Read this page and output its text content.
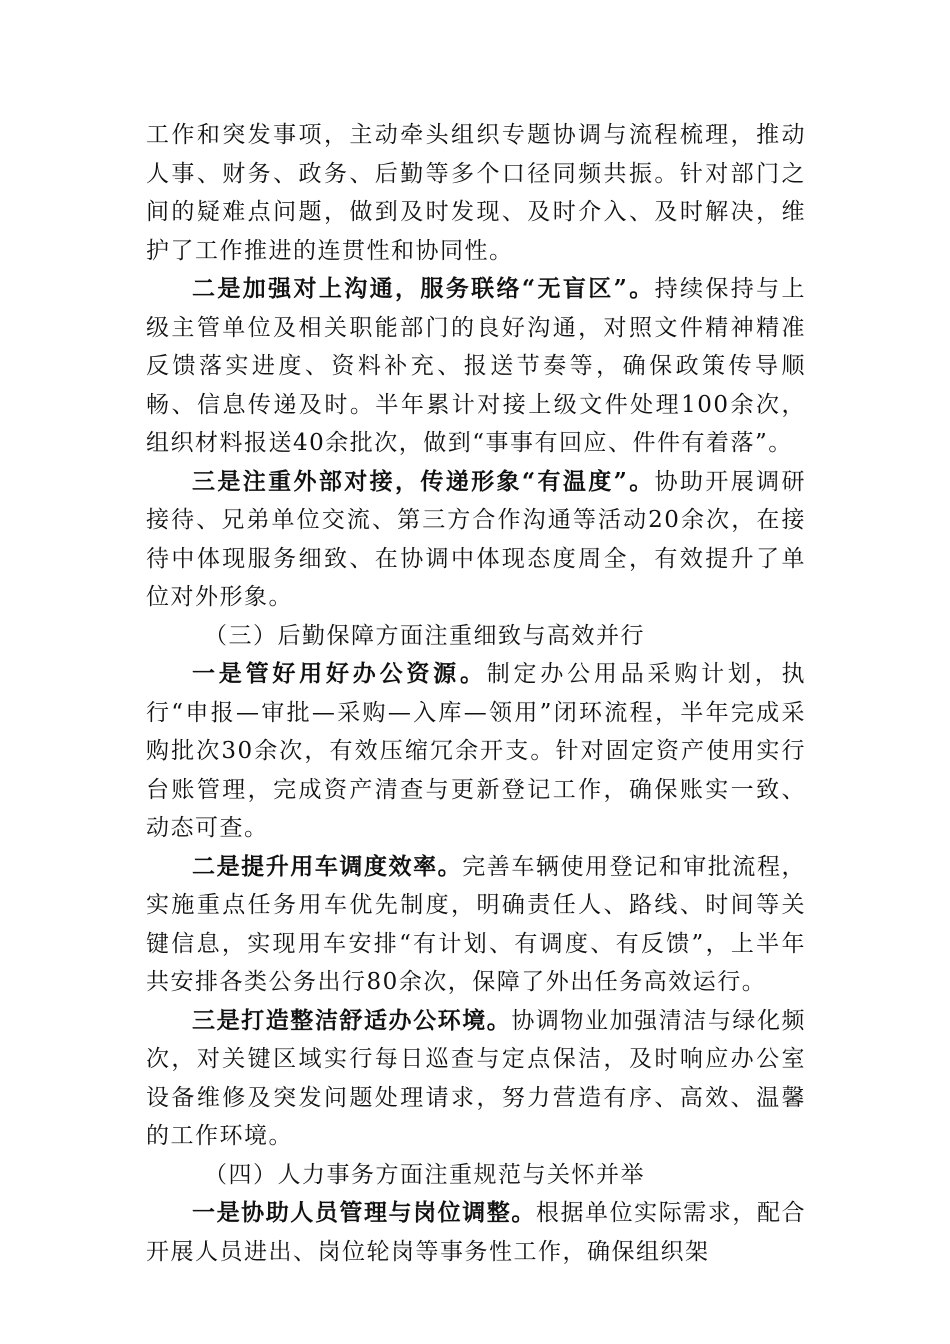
工作和突发事项，主动牵头组织专题协调与流程梳理，推动人事、财务、政务、后勤等多个口径同频共振。针对部门之间的疑难点问题，做到及时发现、及时介入、及时解决，维护了工作推进的连贯性和协同性。

二是加强对上沟通，服务联络“无盲区”。持续保持与上级主管单位及相关职能部门的良好沟通，对照文件精神精准反馈落实进度、资料补充、报送节奏等，确保政策传导顺畅、信息传递及时。半年累计对接上级文件处理100余次，组织材料报送40余批次，做到“事事有回应、件件有着落”。

三是注重外部对接，传递形象“有温度”。协助开展调研接待、兄弟单位交流、第三方合作沟通等活动20余次，在接待中体现服务细致、在协调中体现态度周全，有效提升了单位对外形象。

（三）后勤保障方面注重细致与高效并行

一是管好用好办公资源。制定办公用品采购计划，执行“申报—审批—采购—入库—领用”闭环流程，半年完成采购批次30余次，有效压缩冗余开支。针对固定资产使用实行台账管理，完成资产清查与更新登记工作，确保账实一致、动态可查。

二是提升用车调度效率。完善车辆使用登记和审批流程，实施重点任务用车优先制度，明确责任人、路线、时间等关键信息，实现用车安排“有计划、有调度、有反馈”，上半年共安排各类公务出行80余次，保障了外出任务高效运行。

三是打造整洁舒适办公环境。协调物业加强清洁与绿化频次，对关键区域实行每日巡查与定点保洁，及时响应办公室设备维修及突发问题处理请求，努力营造有序、高效、温馨的工作环境。

（四）人力事务方面注重规范与关怀并举

一是协助人员管理与岗位调整。根据单位实际需求，配合开展人员进出、岗位轮岗等事务性工作，确保组织架
